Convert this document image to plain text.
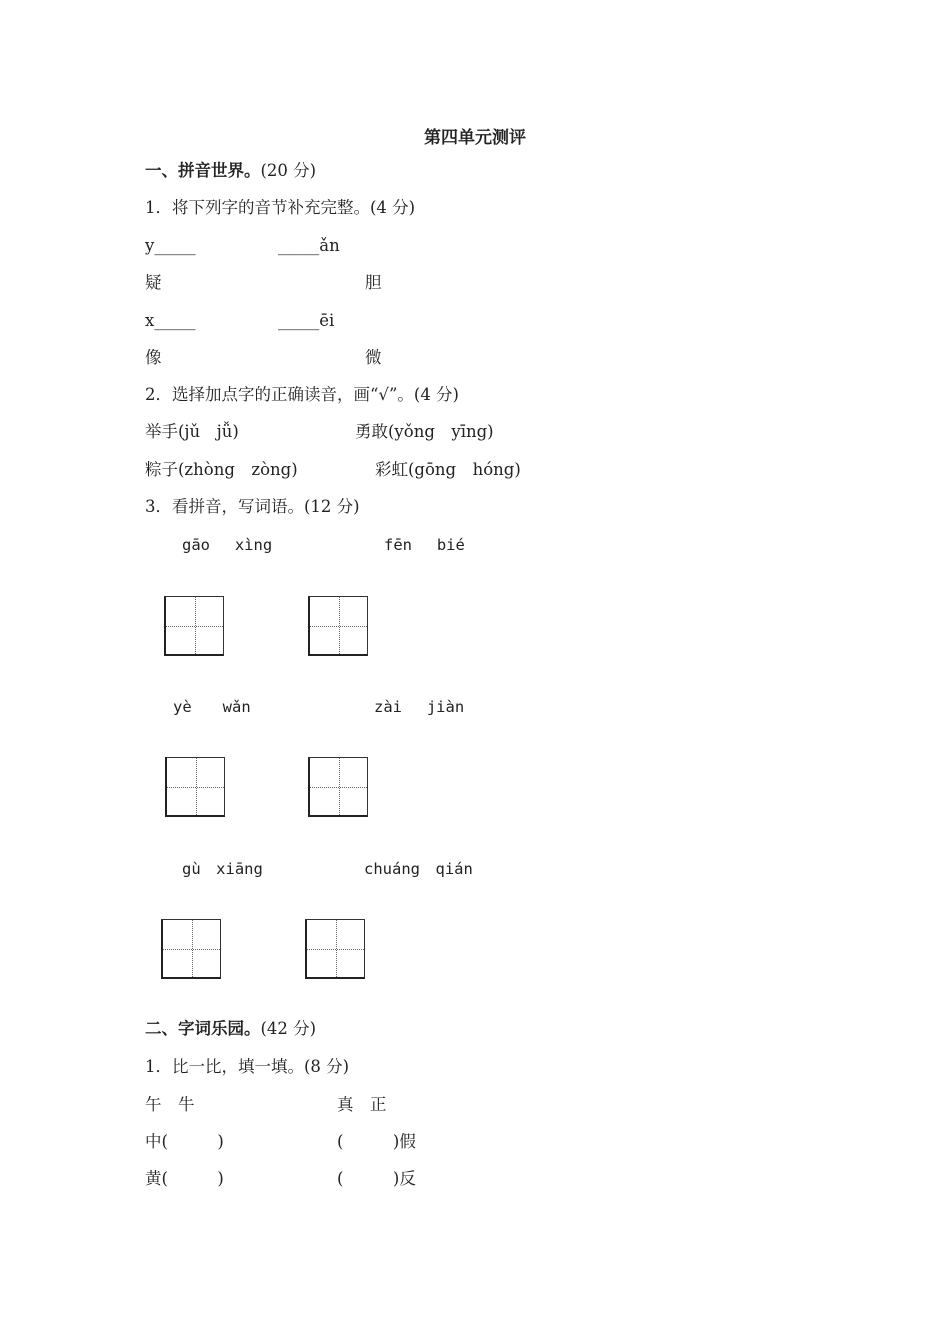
第四单元测评
一、拼音世界。(20 分)
1．将下列字的音节补充完整。(4 分)
y_____	_____ǎn
疑	胆
x_____	_____ēi
像	微
2．选择加点字的正确读音，画“√”。(4 分)
举手(jǔ　jǚ)	勇敢(yǒng　yīng)
粽子(zhòng　zòng)	彩虹(gōng　hóng)
3．看拼音，写词语。(12 分)
gāo　 xìng	fēn　 bié
yè　　wǎn	zài　 jiàn
gù　xiāng	chuáng　qián
二、字词乐园。(42 分)
1．比一比，填一填。(8 分)
午　牛	真　正
中(　　　)	(　　　)假
黄(　　　)	(　　　)反
